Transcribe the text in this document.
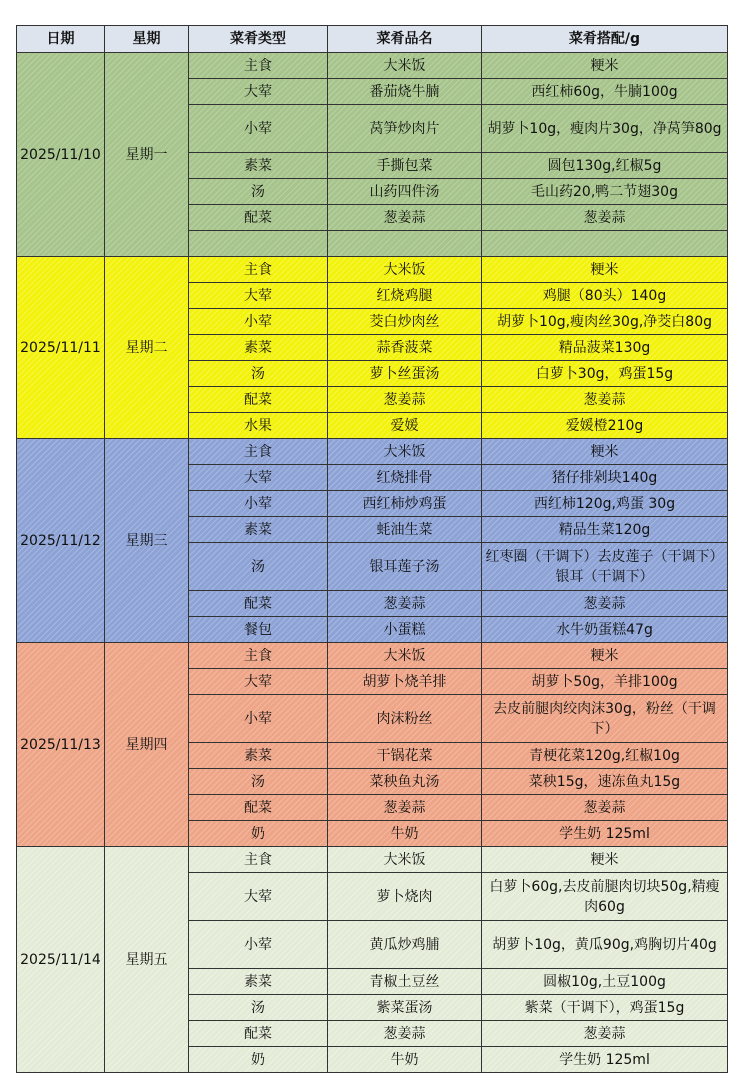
日期	星期	菜肴类型	菜肴品名	菜肴搭配/g
2025/11/10	星期一	主食	大米饭	粳米
		大荤	番茄烧牛腩	西红柿60g，牛腩100g
		小荤	莴笋炒肉片	胡萝卜10g，瘦肉片30g，净莴笋80g
		素菜	手撕包菜	圆包130g,红椒5g
		汤	山药四件汤	毛山药20,鸭二节翅30g
		配菜	葱姜蒜	葱姜蒜

2025/11/11	星期二	主食	大米饭	粳米
		大荤	红烧鸡腿	鸡腿（80头）140g
		小荤	茭白炒肉丝	胡萝卜10g,瘦肉丝30g,净茭白80g
		素菜	蒜香菠菜	精品菠菜130g
		汤	萝卜丝蛋汤	白萝卜30g，鸡蛋15g
		配菜	葱姜蒜	葱姜蒜
		水果	爱媛	爱媛橙210g
2025/11/12	星期三	主食	大米饭	粳米
		大荤	红烧排骨	猪仔排剁块140g
		小荤	西红柿炒鸡蛋	西红柿120g,鸡蛋 30g
		素菜	蚝油生菜	精品生菜120g
		汤	银耳莲子汤	红枣圈（干调下）去皮莲子（干调下）银耳（干调下）
		配菜	葱姜蒜	葱姜蒜
		餐包	小蛋糕	水牛奶蛋糕47g
2025/11/13	星期四	主食	大米饭	粳米
		大荤	胡萝卜烧羊排	胡萝卜50g，羊排100g
		小荤	肉沫粉丝	去皮前腿肉绞肉沫30g，粉丝（干调下）
		素菜	干锅花菜	青梗花菜120g,红椒10g
		汤	菜秧鱼丸汤	菜秧15g，速冻鱼丸15g
		配菜	葱姜蒜	葱姜蒜
		奶	牛奶	学生奶 125ml
2025/11/14	星期五	主食	大米饭	粳米
		大荤	萝卜烧肉	白萝卜60g,去皮前腿肉切块50g,精瘦肉60g
		小荤	黄瓜炒鸡脯	胡萝卜10g，黄瓜90g,鸡胸切片40g
		素菜	青椒土豆丝	圆椒10g,土豆100g
		汤	紫菜蛋汤	紫菜（干调下），鸡蛋15g
		配菜	葱姜蒜	葱姜蒜
		奶	牛奶	学生奶 125ml
